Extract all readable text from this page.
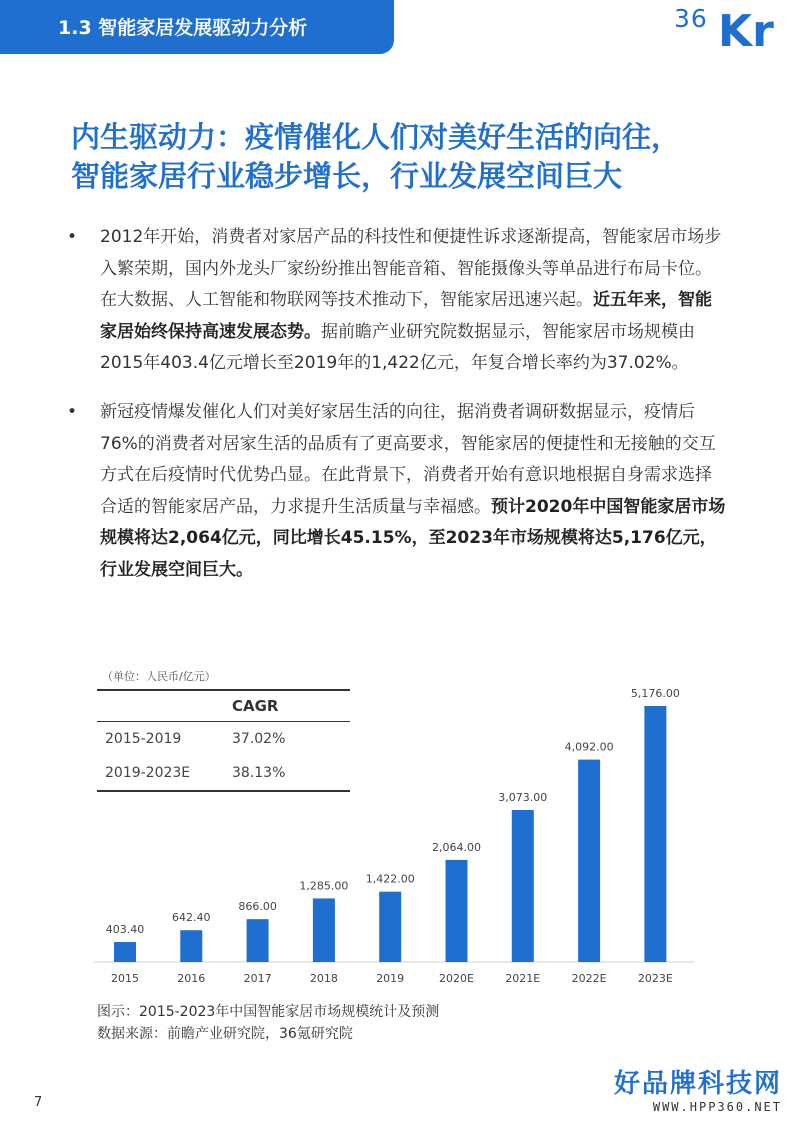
1.3 智能家居发展驱动力分析	36 Kr
内生驱动力：疫情催化人们对美好生活的向往，
智能家居行业稳步增长，行业发展空间巨大
• 2012年开始，消费者对家居产品的科技性和便捷性诉求逐渐提高，智能家居市场步入繁荣期，国内外龙头厂家纷纷推出智能音箱、智能摄像头等单品进行布局卡位。在大数据、人工智能和物联网等技术推动下，智能家居迅速兴起。近五年来，智能家居始终保持高速发展态势。据前瞻产业研究院数据显示，智能家居市场规模由2015年403.4亿元增长至2019年的1,422亿元，年复合增长率约为37.02%。
• 新冠疫情爆发催化人们对美好家居生活的向往，据消费者调研数据显示，疫情后76%的消费者对居家生活的品质有了更高要求，智能家居的便捷性和无接触的交互方式在后疫情时代优势凸显。在此背景下，消费者开始有意识地根据自身需求选择合适的智能家居产品，力求提升生活质量与幸福感。预计2020年中国智能家居市场规模将达2,064亿元，同比增长45.15%，至2023年市场规模将达5,176亿元，行业发展空间巨大。
（单位：人民币/亿元）
CAGR
2015-2019	37.02%
2019-2023E	38.13%
403.40
2015
642.40
2016
866.00
2017
1,285.00
2018
1,422.00
2019
2,064.00
2020E
3,073.00
2021E
4,092.00
2022E
5,176.00
2023E
图示：2015-2023年中国智能家居市场规模统计及预测
数据来源：前瞻产业研究院，36氪研究院
好品牌科技网
WWW.HPP360.NET
7
